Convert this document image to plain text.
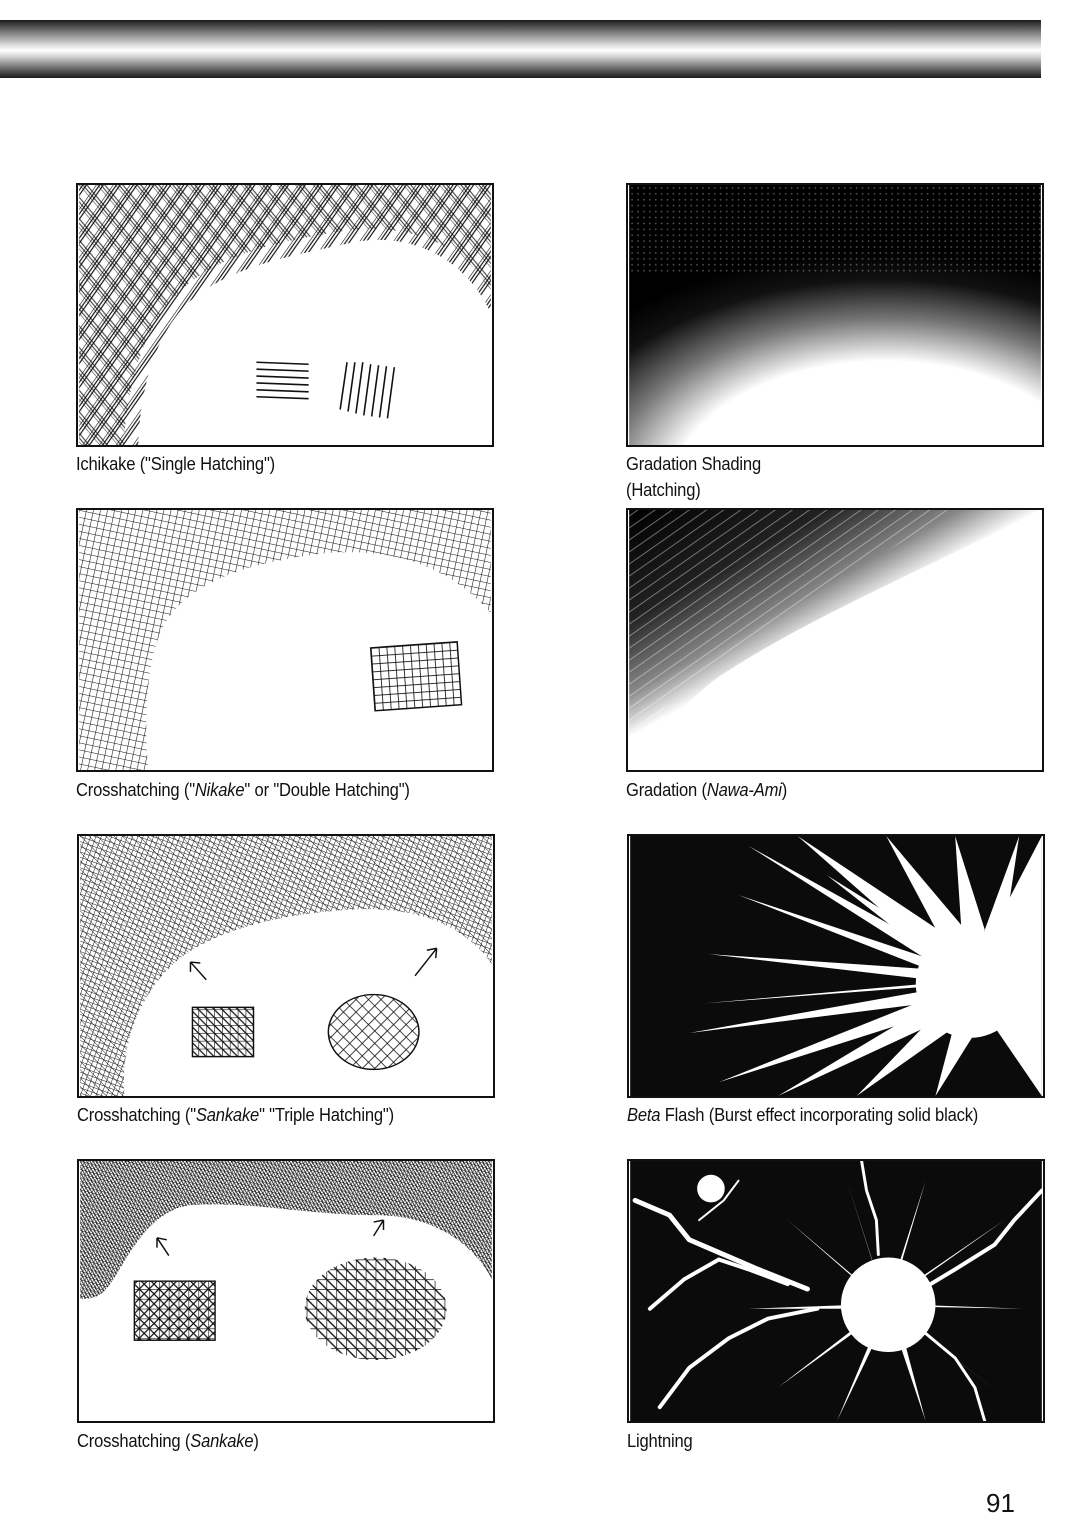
Ichikake ("Single Hatching")	Gradation Shading
(Hatching)
Crosshatching ("Nikake" or "Double Hatching")	Gradation (Nawa-Ami)
Crosshatching ("Sankake" "Triple Hatching")	Beta Flash (Burst effect incorporating solid black)
Crosshatching (Sankake)	Lightning
91
